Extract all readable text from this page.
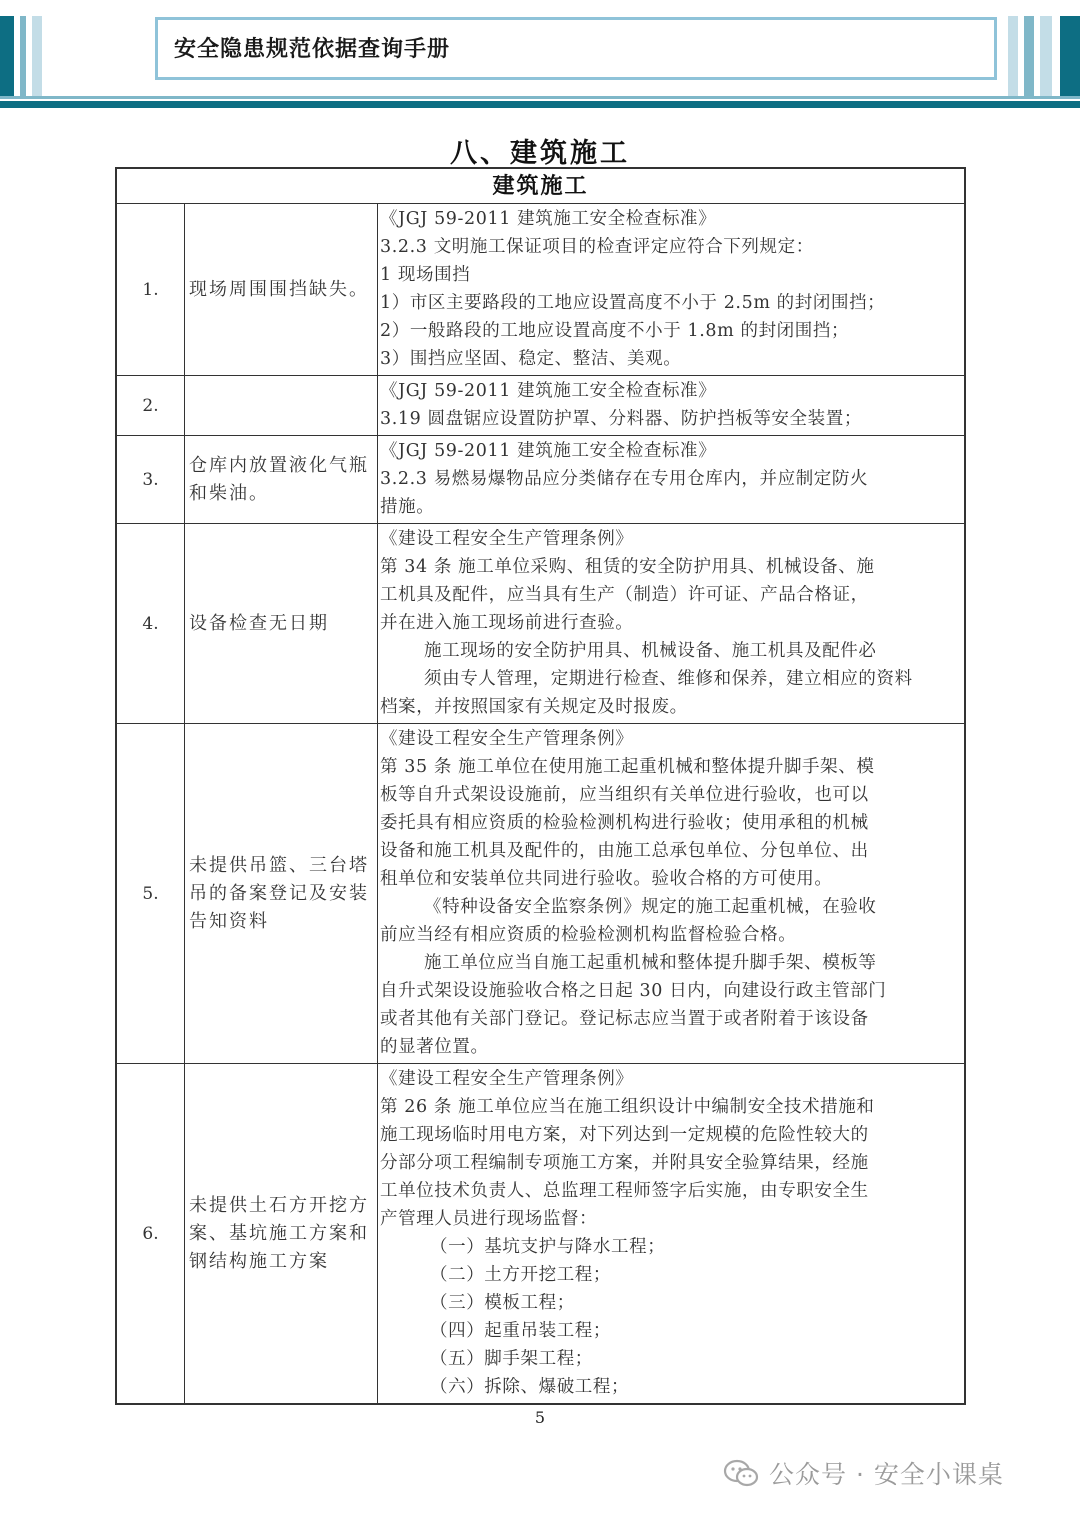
安全隐患规范依据查询手册
八、建筑施工
建筑施工
1.	现场周围围挡缺失。
《JGJ 59-2011 建筑施工安全检查标准》
3.2.3 文明施工保证项目的检查评定应符合下列规定：
1 现场围挡
1）市区主要路段的工地应设置高度不小于 2.5m 的封闭围挡；
2）一般路段的工地应设置高度不小于 1.8m 的封闭围挡；
3）围挡应坚固、稳定、整洁、美观。
2.
《JGJ 59-2011 建筑施工安全检查标准》
3.19 圆盘锯应设置防护罩、分料器、防护挡板等安全装置；
3.
仓库内放置液化气瓶和柴油。
《JGJ 59-2011 建筑施工安全检查标准》
3.2.3 易燃易爆物品应分类储存在专用仓库内，并应制定防火
措施。
4.	设备检查无日期
《建设工程安全生产管理条例》
第 34 条 施工单位采购、租赁的安全防护用具、机械设备、施
工机具及配件，应当具有生产（制造）许可证、产品合格证，
并在进入施工现场前进行查验。
施工现场的安全防护用具、机械设备、施工机具及配件必
须由专人管理，定期进行检查、维修和保养，建立相应的资料
档案，并按照国家有关规定及时报废。
5.
未提供吊篮、三台塔吊的备案登记及安装告知资料
《建设工程安全生产管理条例》
第 35 条 施工单位在使用施工起重机械和整体提升脚手架、模
板等自升式架设设施前，应当组织有关单位进行验收，也可以
委托具有相应资质的检验检测机构进行验收；使用承租的机械
设备和施工机具及配件的，由施工总承包单位、分包单位、出
租单位和安装单位共同进行验收。验收合格的方可使用。
《特种设备安全监察条例》规定的施工起重机械，在验收
前应当经有相应资质的检验检测机构监督检验合格。
施工单位应当自施工起重机械和整体提升脚手架、模板等
自升式架设设施验收合格之日起 30 日内，向建设行政主管部门
或者其他有关部门登记。登记标志应当置于或者附着于该设备
的显著位置。
6.
未提供土石方开挖方案、基坑施工方案和钢结构施工方案
《建设工程安全生产管理条例》
第 26 条 施工单位应当在施工组织设计中编制安全技术措施和
施工现场临时用电方案，对下列达到一定规模的危险性较大的
分部分项工程编制专项施工方案，并附具安全验算结果，经施
工单位技术负责人、总监理工程师签字后实施，由专职安全生
产管理人员进行现场监督：
（一）基坑支护与降水工程；
（二）土方开挖工程；
（三）模板工程；
（四）起重吊装工程；
（五）脚手架工程；
（六）拆除、爆破工程；
5
公众号 · 安全小课桌
